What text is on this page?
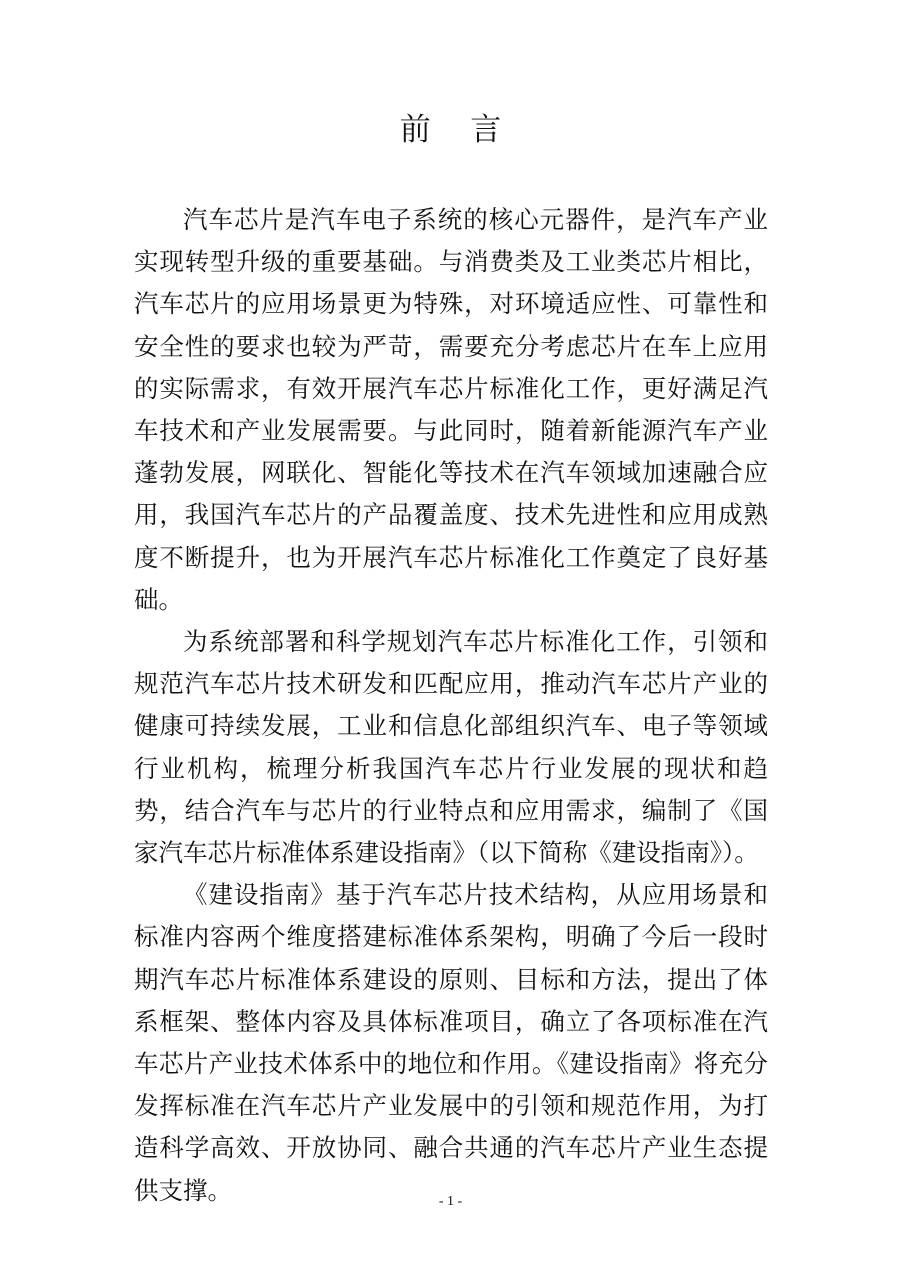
前    言

汽车芯片是汽车电子系统的核心元器件，是汽车产业实现转型升级的重要基础。与消费类及工业类芯片相比，汽车芯片的应用场景更为特殊，对环境适应性、可靠性和安全性的要求也较为严苛，需要充分考虑芯片在车上应用的实际需求，有效开展汽车芯片标准化工作，更好满足汽车技术和产业发展需要。与此同时，随着新能源汽车产业蓬勃发展，网联化、智能化等技术在汽车领域加速融合应用，我国汽车芯片的产品覆盖度、技术先进性和应用成熟度不断提升，也为开展汽车芯片标准化工作奠定了良好基础。

为系统部署和科学规划汽车芯片标准化工作，引领和规范汽车芯片技术研发和匹配应用，推动汽车芯片产业的健康可持续发展，工业和信息化部组织汽车、电子等领域行业机构，梳理分析我国汽车芯片行业发展的现状和趋势，结合汽车与芯片的行业特点和应用需求，编制了《国家汽车芯片标准体系建设指南》（以下简称《建设指南》）。

《建设指南》基于汽车芯片技术结构，从应用场景和标准内容两个维度搭建标准体系架构，明确了今后一段时期汽车芯片标准体系建设的原则、目标和方法，提出了体系框架、整体内容及具体标准项目，确立了各项标准在汽车芯片产业技术体系中的地位和作用。《建设指南》将充分发挥标准在汽车芯片产业发展中的引领和规范作用，为打造科学高效、开放协同、融合共通的汽车芯片产业生态提供支撑。	- 1 -
